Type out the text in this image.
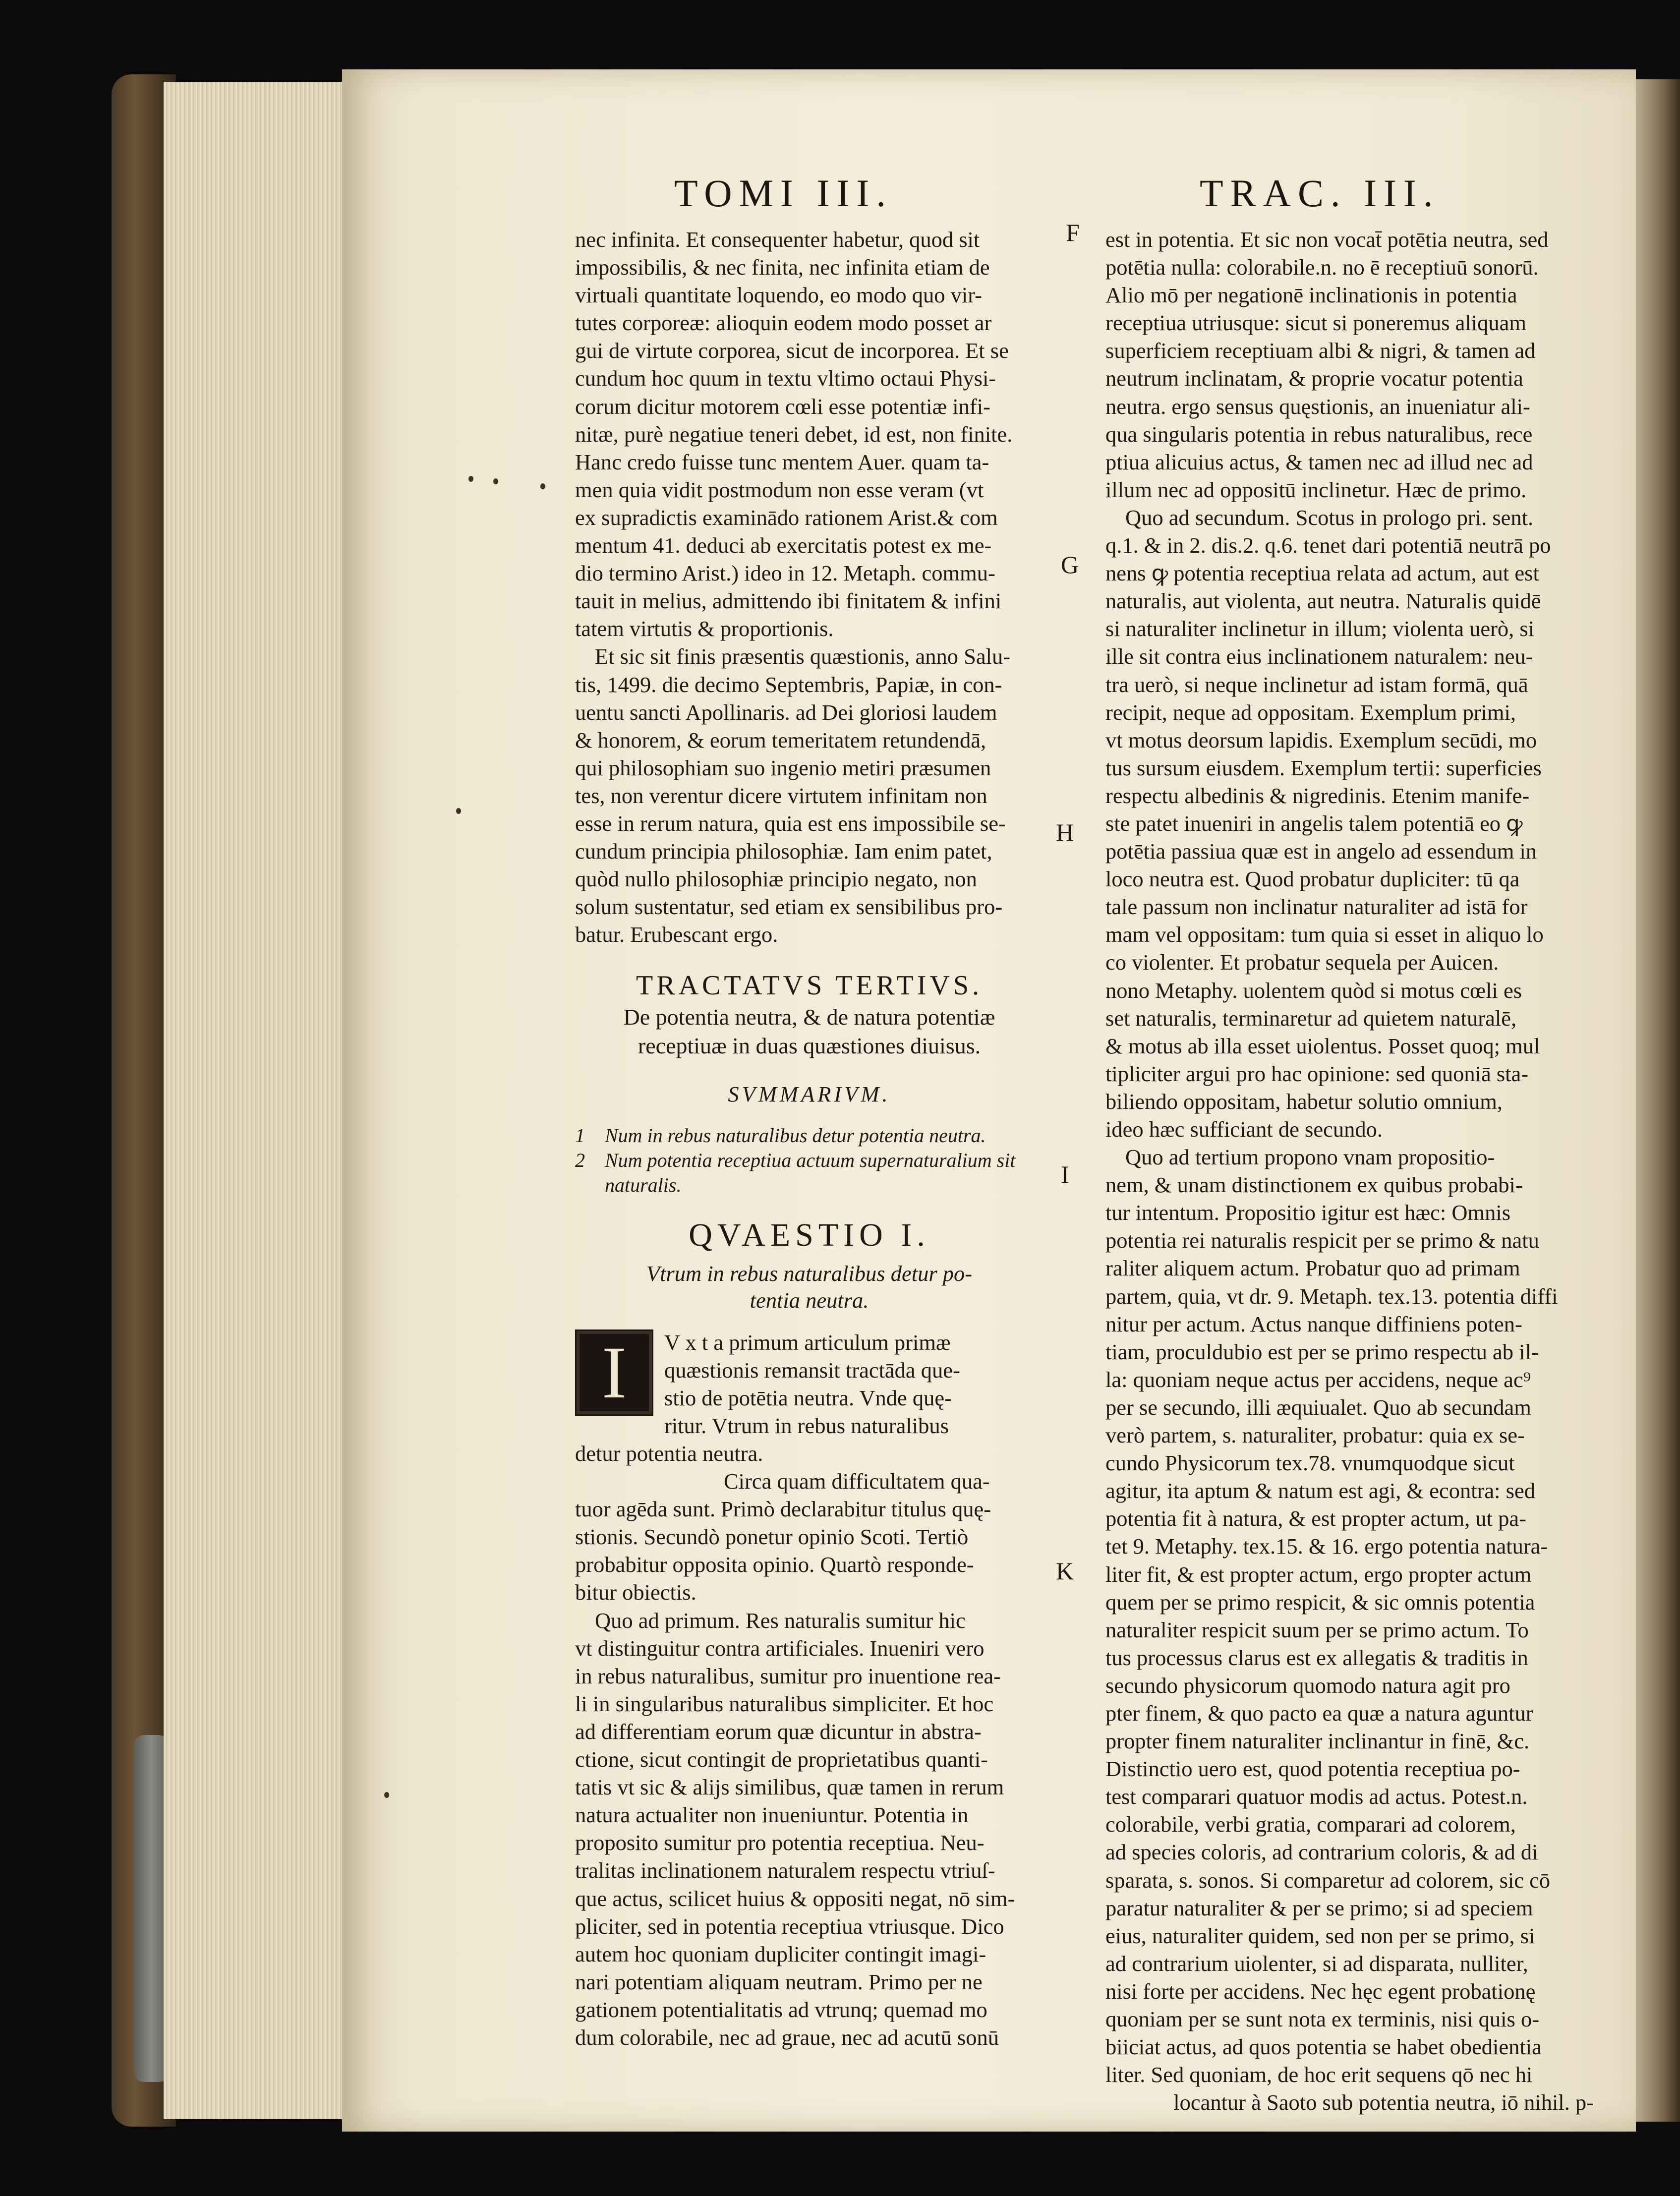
TOMI III.	TRAC. III.
F
G
H
I
K
nec infinita. Et consequenter habetur, quod sit
impossibilis, & nec finita, nec infinita etiam de
virtuali quantitate loquendo, eo modo quo vir-
tutes corporeæ: alioquin eodem modo posset ar
gui de virtute corporea, sicut de incorporea. Et se
cundum hoc quum in textu vltimo octaui Physi-
corum dicitur motorem cœli esse potentiæ infi-
nitæ, purè negatiue teneri debet, id est, non finite.
Hanc credo fuisse tunc mentem Auer. quam ta-
men quia vidit postmodum non esse veram (vt
ex supradictis examinādo rationem Arist.& com
mentum 41. deduci ab exercitatis potest ex me-
dio termino Arist.) ideo in 12. Metaph. commu-
tauit in melius, admittendo ibi finitatem & infini
tatem virtutis & proportionis.
Et sic sit finis præsentis quæstionis, anno Salu-
tis, 1499. die decimo Septembris, Papiæ, in con-
uentu sancti Apollinaris. ad Dei gloriosi laudem
& honorem, & eorum temeritatem retundendā,
qui philosophiam suo ingenio metiri præsumen
tes, non verentur dicere virtutem infinitam non
esse in rerum natura, quia est ens impossibile se-
cundum principia philosophiæ. Iam enim patet,
quòd nullo philosophiæ principio negato, non
solum sustentatur, sed etiam ex sensibilibus pro-
batur. Erubescant ergo.
TRACTATVS TERTIVS.
De potentia neutra, & de natura potentiæ
receptiuæ in duas quæstiones diuisus.
SVMMARIVM.
1 Num in rebus naturalibus detur potentia neutra.
2 Num potentia receptiua actuum supernaturalium sit
naturalis.
QVAESTIO I.
Vtrum in rebus naturalibus detur po-
tentia neutra.
I	V x t a primum articulum primæ
quæstionis remansit tractāda que-
stio de potētia neutra. Vnde quę-
ritur. Vtrum in rebus naturalibus
detur potentia neutra.
Circa quam difficultatem qua-
tuor agēda sunt. Primò declarabitur titulus quę-
stionis. Secundò ponetur opinio Scoti. Tertiò
probabitur opposita opinio. Quartò responde-
bitur obiectis.
Quo ad primum. Res naturalis sumitur hic
vt distinguitur contra artificiales. Inueniri vero
in rebus naturalibus, sumitur pro inuentione rea-
li in singularibus naturalibus simpliciter. Et hoc
ad differentiam eorum quæ dicuntur in abstra-
ctione, sicut contingit de proprietatibus quanti-
tatis vt sic & alijs similibus, quæ tamen in rerum
natura actualiter non inueniuntur. Potentia in
proposito sumitur pro potentia receptiua. Neu-
tralitas inclinationem naturalem respectu vtriuſ-
que actus, scilicet huius & oppositi negat, nō sim-
pliciter, sed in potentia receptiua vtriusque. Dico
autem hoc quoniam dupliciter contingit imagi-
nari potentiam aliquam neutram. Primo per ne
gationem potentialitatis ad vtrunq; quemad mo
dum colorabile, nec ad graue, nec ad acutū sonū
est in potentia. Et sic non vocat̄ potētia neutra, sed
potētia nulla: colorabile.n. no ē receptiuū sonorū.
Alio mō per negationē inclinationis in potentia
receptiua utriusque: sicut si poneremus aliquam
superficiem receptiuam albi & nigri, & tamen ad
neutrum inclinatam, & proprie vocatur potentia
neutra. ergo sensus quęstionis, an inueniatur ali-
qua singularis potentia in rebus naturalibus, rece
ptiua alicuius actus, & tamen nec ad illud nec ad
illum nec ad oppositū inclinetur. Hæc de primo.
Quo ad secundum. Scotus in prologo pri. sent.
q.1. & in 2. dis.2. q.6. tenet dari potentiā neutrā po
nens ꝙ potentia receptiua relata ad actum, aut est
naturalis, aut violenta, aut neutra. Naturalis quidē
si naturaliter inclinetur in illum; violenta uerò, si
ille sit contra eius inclinationem naturalem: neu-
tra uerò, si neque inclinetur ad istam formā, quā
recipit, neque ad oppositam. Exemplum primi,
vt motus deorsum lapidis. Exemplum secūdi, mo
tus sursum eiusdem. Exemplum tertii: superficies
respectu albedinis & nigredinis. Etenim manife-
ste patet inueniri in angelis talem potentiā eo ꝙ
potētia passiua quæ est in angelo ad essendum in
loco neutra est. Quod probatur dupliciter: tū qa
tale passum non inclinatur naturaliter ad istā for
mam vel oppositam: tum quia si esset in aliquo lo
co violenter. Et probatur sequela per Auicen.
nono Metaphy. uolentem quòd si motus cœli es
set naturalis, terminaretur ad quietem naturalē,
& motus ab illa esset uiolentus. Posset quoq; mul
tipliciter argui pro hac opinione: sed quoniā sta-
biliendo oppositam, habetur solutio omnium,
ideo hæc sufficiant de secundo.
Quo ad tertium propono vnam propositio-
nem, & unam distinctionem ex quibus probabi-
tur intentum. Propositio igitur est hæc: Omnis
potentia rei naturalis respicit per se primo & natu
raliter aliquem actum. Probatur quo ad primam
partem, quia, vt dr. 9. Metaph. tex.13. potentia diffi
nitur per actum. Actus nanque diffiniens poten-
tiam, proculdubio est per se primo respectu ab il-
la: quoniam neque actus per accidens, neque ac⁹
per se secundo, illi æquiualet. Quo ab secundam
verò partem, s. naturaliter, probatur: quia ex se-
cundo Physicorum tex.78. vnumquodque sicut
agitur, ita aptum & natum est agi, & econtra: sed
potentia fit à natura, & est propter actum, ut pa-
tet 9. Metaphy. tex.15. & 16. ergo potentia natura-
liter fit, & est propter actum, ergo propter actum
quem per se primo respicit, & sic omnis potentia
naturaliter respicit suum per se primo actum. To
tus processus clarus est ex allegatis & traditis in
secundo physicorum quomodo natura agit pro
pter finem, & quo pacto ea quæ a natura aguntur
propter finem naturaliter inclinantur in finē, &c.
Distinctio uero est, quod potentia receptiua po-
test comparari quatuor modis ad actus. Potest.n.
colorabile, verbi gratia, comparari ad colorem,
ad species coloris, ad contrarium coloris, & ad di
sparata, s. sonos. Si comparetur ad colorem, sic cō
paratur naturaliter & per se primo; si ad speciem
eius, naturaliter quidem, sed non per se primo, si
ad contrarium uiolenter, si ad disparata, nulliter,
nisi forte per accidens. Nec hęc egent probationę
quoniam per se sunt nota ex terminis, nisi quis o-
biiciat actus, ad quos potentia se habet obedientia
liter. Sed quoniam, de hoc erit sequens qō nec hi
locantur à Saoto sub potentia neutra, iō nihil. p-
